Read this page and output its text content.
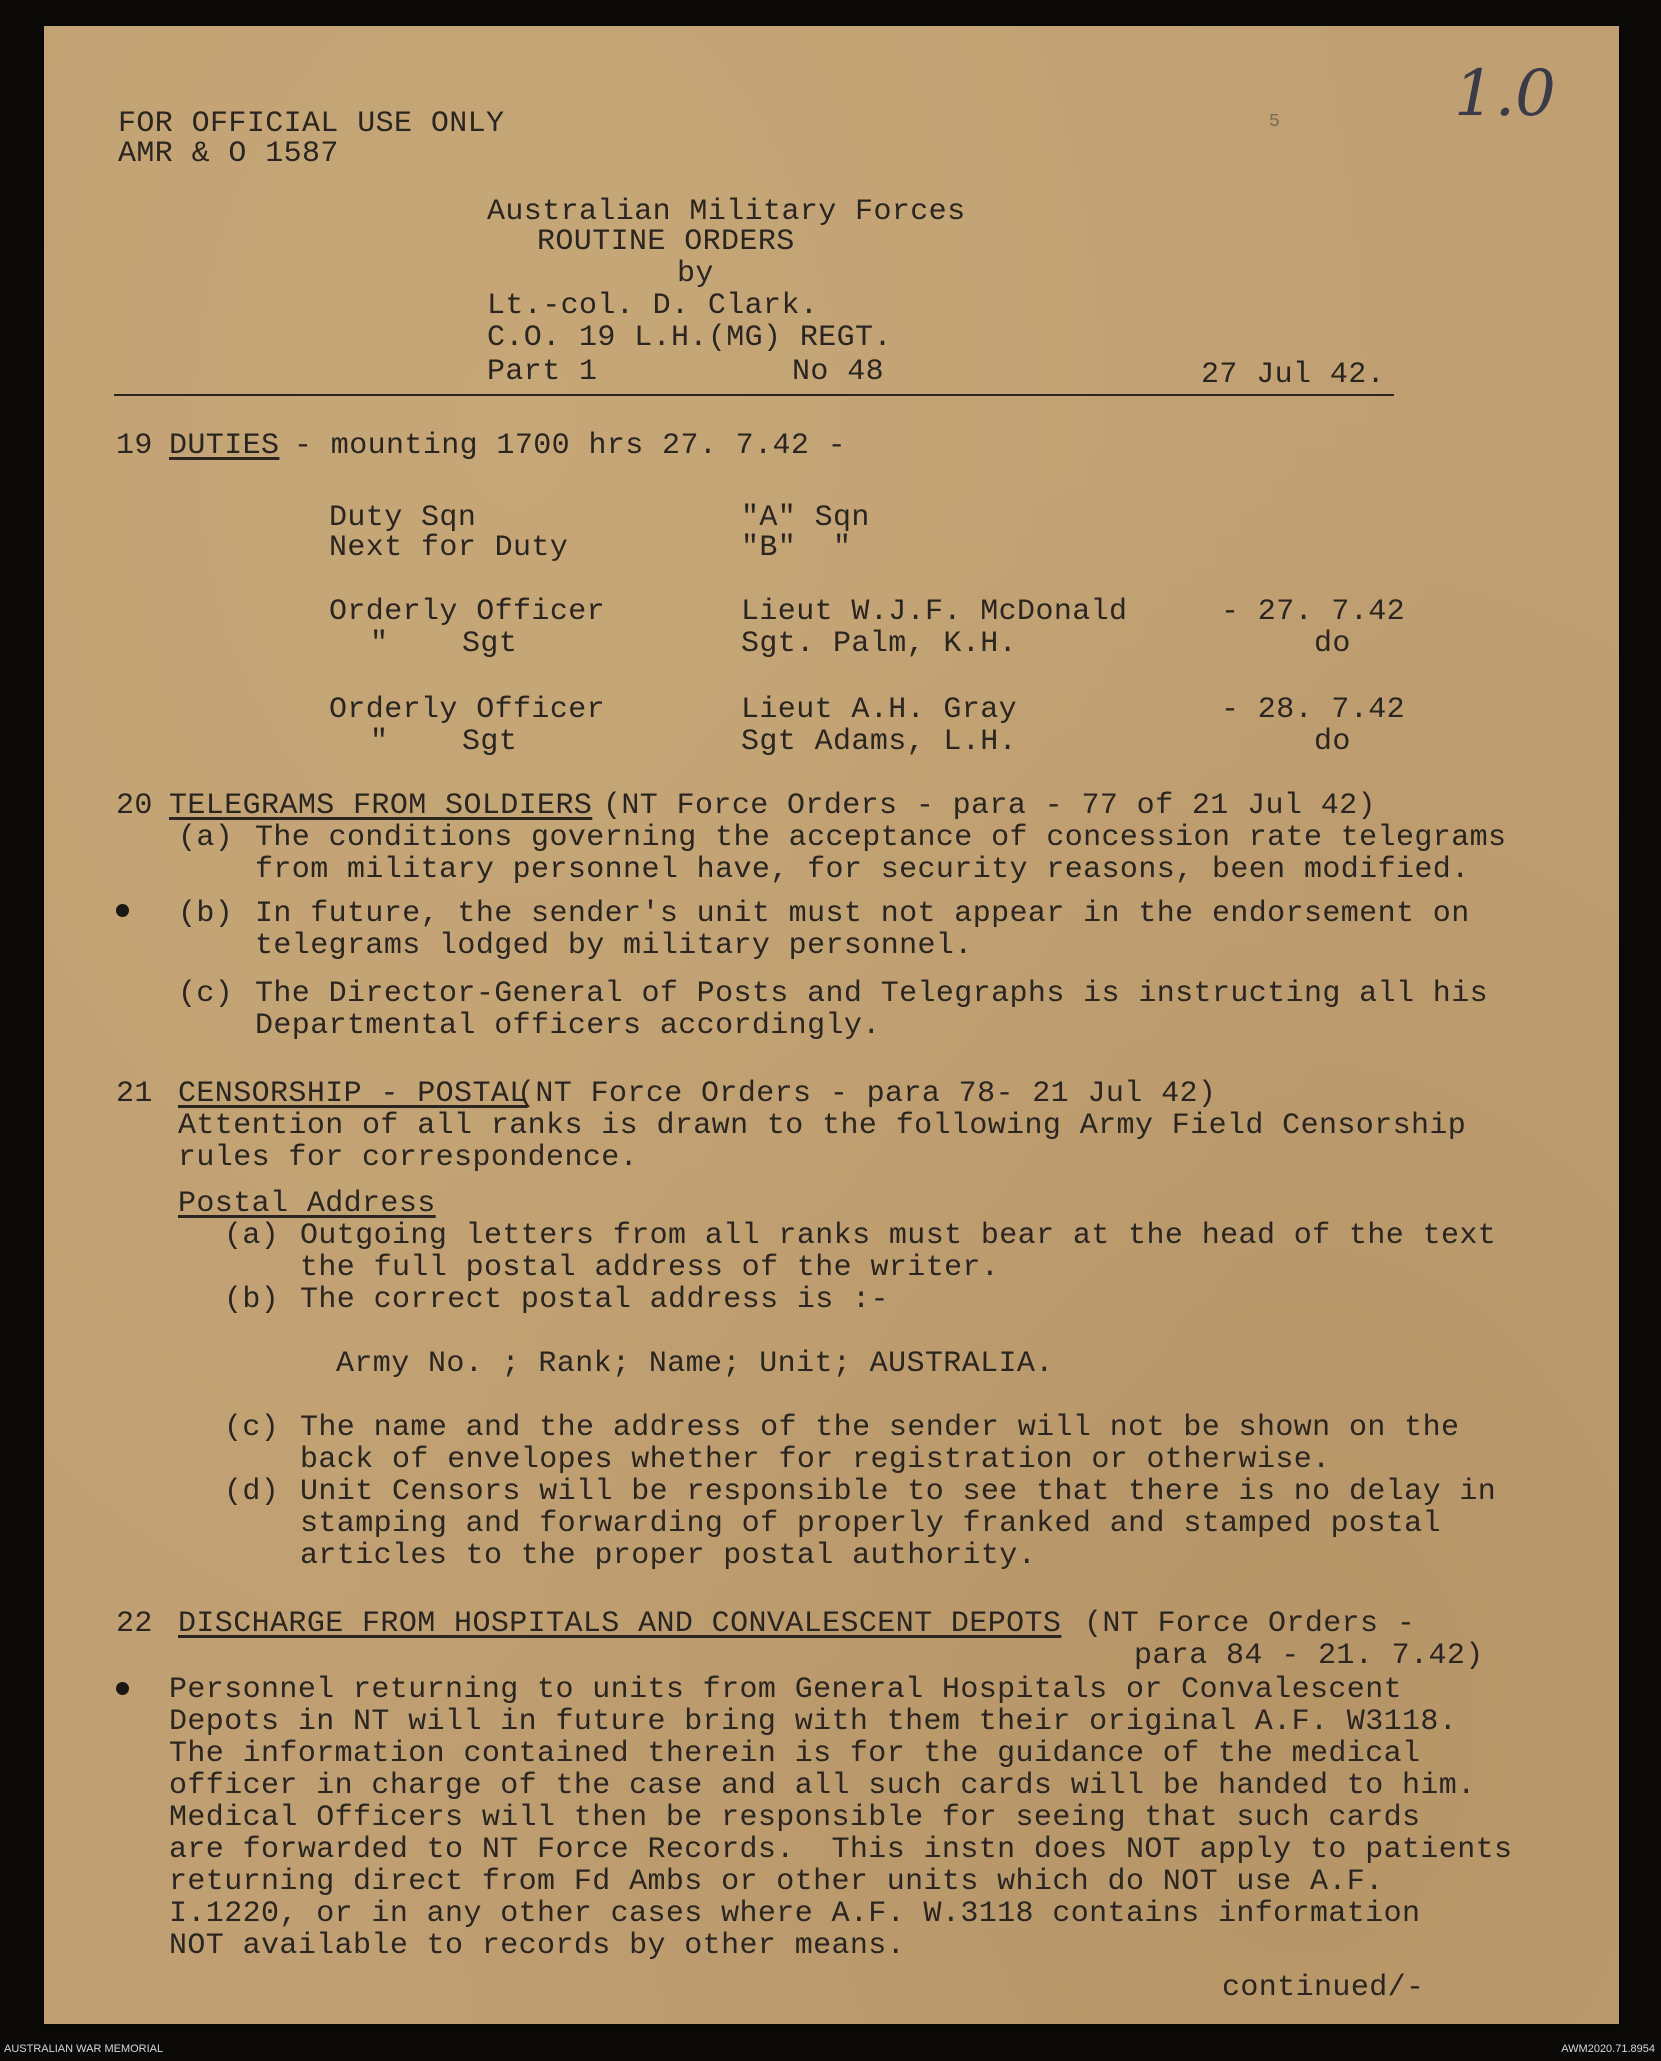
1.0
5
FOR OFFICIAL USE ONLY
AMR & O 1587
Australian Military Forces
ROUTINE ORDERS
by
Lt.-col. D. Clark.
C.O. 19 L.H.(MG) REGT.
Part 1	No 48	27 Jul 42.
19 DUTIES - mounting 1700 hrs 27. 7.42 -
Duty Sqn	"A" Sqn
Next for Duty	"B"  "
Orderly Officer	Lieut W.J.F. McDonald	- 27. 7.42
"    Sgt	Sgt. Palm, K.H.	do
Orderly Officer	Lieut A.H. Gray	- 28. 7.42
"    Sgt	Sgt Adams, L.H.	do
20 TELEGRAMS FROM SOLDIERS (NT Force Orders - para - 77 of 21 Jul 42)
(a) The conditions governing the acceptance of concession rate telegrams
from military personnel have, for security reasons, been modified.
(b) In future, the sender's unit must not appear in the endorsement on
telegrams lodged by military personnel.
(c) The Director-General of Posts and Telegraphs is instructing all his
Departmental officers accordingly.
21 CENSORSHIP - POSTAL
(NT Force Orders - para 78- 21 Jul 42)
Attention of all ranks is drawn to the following Army Field Censorship
rules for correspondence.
Postal Address
(a) Outgoing letters from all ranks must bear at the head of the text
the full postal address of the writer.
(b) The correct postal address is :-
Army No. ; Rank; Name; Unit; AUSTRALIA.
(c) The name and the address of the sender will not be shown on the
back of envelopes whether for registration or otherwise.
(d) Unit Censors will be responsible to see that there is no delay in
stamping and forwarding of properly franked and stamped postal
articles to the proper postal authority.
22 DISCHARGE FROM HOSPITALS AND CONVALESCENT DEPOTS (NT Force Orders -
para 84 - 21. 7.42)
Personnel returning to units from General Hospitals or Convalescent
Depots in NT will in future bring with them their original A.F. W3118.
The information contained therein is for the guidance of the medical
officer in charge of the case and all such cards will be handed to him.
Medical Officers will then be responsible for seeing that such cards
are forwarded to NT Force Records.  This instn does NOT apply to patients
returning direct from Fd Ambs or other units which do NOT use A.F.
I.1220, or in any other cases where A.F. W.3118 contains information
NOT available to records by other means.
continued/-
AUSTRALIAN WAR MEMORIAL	AWM2020.71.8954
